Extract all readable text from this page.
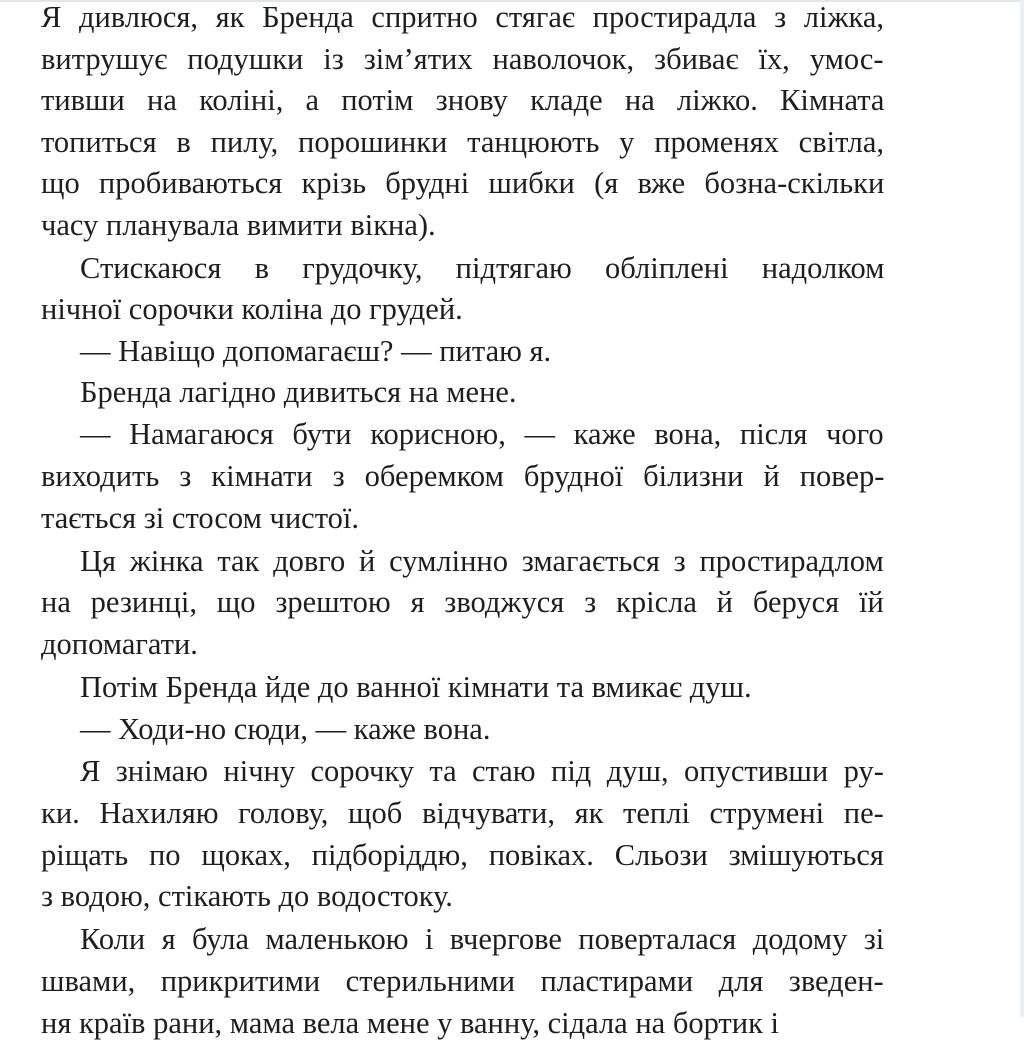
Я дивлюся, як Бренда спритно стягає простирадла з ліжка,
витрушує подушки із зім’ятих наволочок, збиває їх, умос-
тивши на коліні, а потім знову кладе на ліжко. Кімната
топиться в пилу, порошинки танцюють у променях світла,
що пробиваються крізь брудні шибки (я вже бозна-скільки
часу планувала вимити вікна).
Стискаюся в грудочку, підтягаю обліплені надолком
нічної сорочки коліна до грудей.
— Навіщо допомагаєш? — питаю я.
Бренда лагідно дивиться на мене.
— Намагаюся бути корисною, — каже вона, після чого
виходить з кімнати з оберемком брудної білизни й повер-
тається зі стосом чистої.
Ця жінка так довго й сумлінно змагається з простирадлом
на резинці, що зрештою я зводжуся з крісла й беруся їй
допомагати.
Потім Бренда йде до ванної кімнати та вмикає душ.
— Ходи-но сюди, — каже вона.
Я знімаю нічну сорочку та стаю під душ, опустивши ру-
ки. Нахиляю голову, щоб відчувати, як теплі струмені пе-
ріщать по щоках, підборіддю, повіках. Сльози змішуються
з водою, стікають до водостоку.
Коли я була маленькою і вчергове поверталася додому зі
швами, прикритими стерильними пластирами для зведен-
ня країв рани, мама вела мене у ванну, сідала на бортик і
